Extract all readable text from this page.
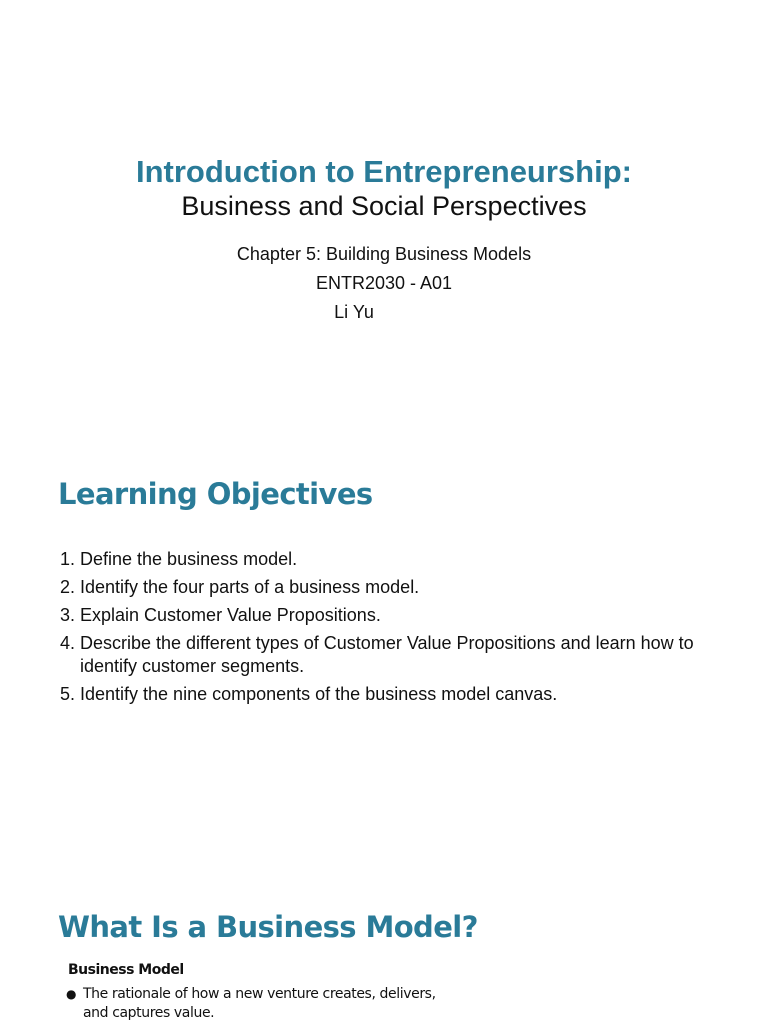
Introduction to Entrepreneurship:
Business and Social Perspectives
Chapter 5: Building Business Models
ENTR2030 - A01
Li Yu
Learning Objectives
1. Define the business model.
2. Identify the four parts of a business model.
3. Explain Customer Value Propositions.
4. Describe the different types of Customer Value Propositions and learn how to identify customer segments.
5. Identify the nine components of the business model canvas.
What Is a Business Model?
Business Model
● The rationale of how a new venture creates, delivers, and captures value.
